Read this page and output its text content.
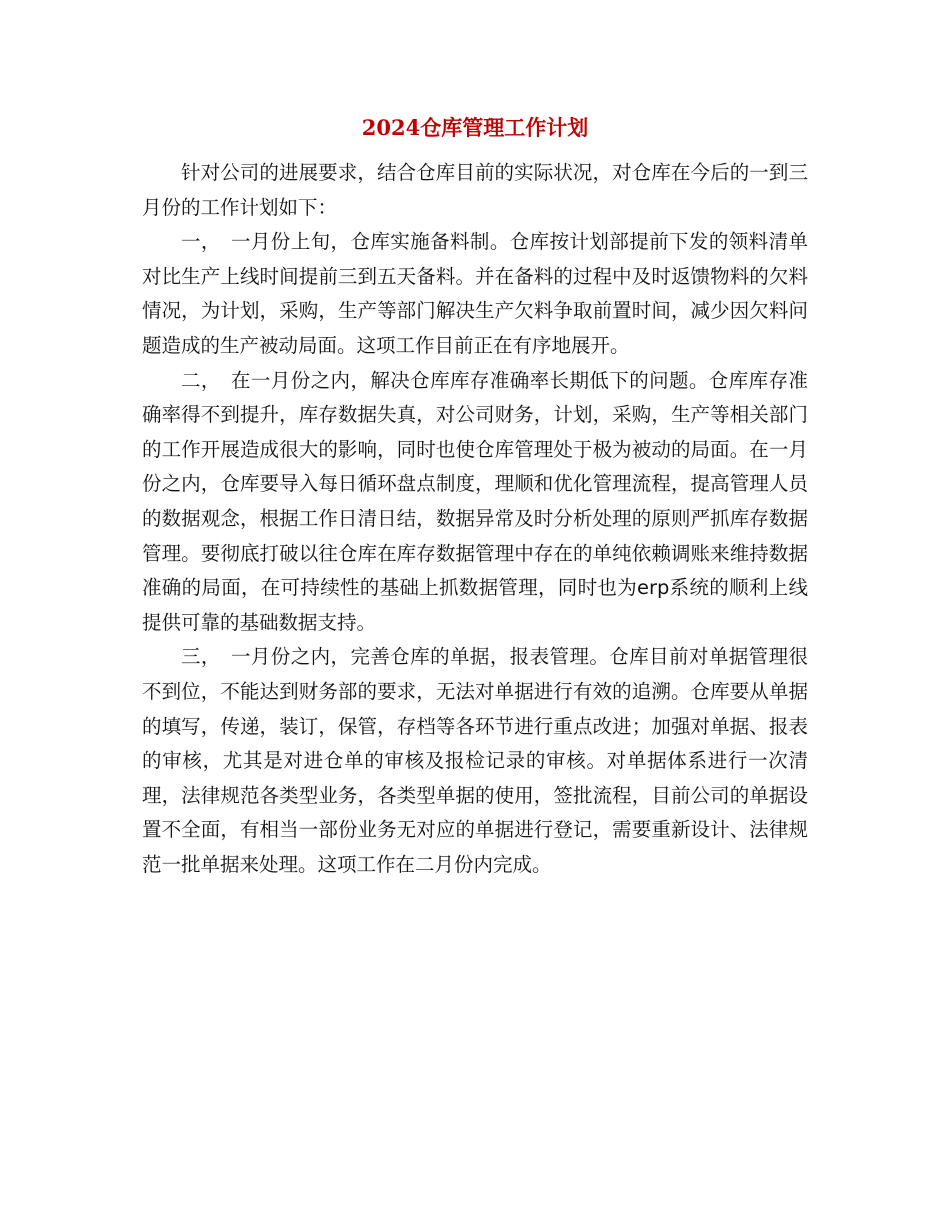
2024仓库管理工作计划

针对公司的进展要求，结合仓库目前的实际状况，对仓库在今后的一到三月份的工作计划如下：

一，　一月份上旬，仓库实施备料制。仓库按计划部提前下发的领料清单对比生产上线时间提前三到五天备料。并在备料的过程中及时返馈物料的欠料情况，为计划，采购，生产等部门解决生产欠料争取前置时间，减少因欠料问题造成的生产被动局面。这项工作目前正在有序地展开。

二，　在一月份之内，解决仓库库存准确率长期低下的问题。仓库库存准确率得不到提升，库存数据失真，对公司财务，计划，采购，生产等相关部门的工作开展造成很大的影响，同时也使仓库管理处于极为被动的局面。在一月份之内，仓库要导入每日循环盘点制度，理顺和优化管理流程，提高管理人员的数据观念，根据工作日清日结，数据异常及时分析处理的原则严抓库存数据管理。要彻底打破以往仓库在库存数据管理中存在的单纯依赖调账来维持数据准确的局面，在可持续性的基础上抓数据管理，同时也为erp系统的顺利上线提供可靠的基础数据支持。

三，　一月份之内，完善仓库的单据，报表管理。仓库目前对单据管理很不到位，不能达到财务部的要求，无法对单据进行有效的追溯。仓库要从单据的填写，传递，装订，保管，存档等各环节进行重点改进；加强对单据、报表的审核，尤其是对进仓单的审核及报检记录的审核。对单据体系进行一次清理，法律规范各类型业务，各类型单据的使用，签批流程，目前公司的单据设置不全面，有相当一部份业务无对应的单据进行登记，需要重新设计、法律规范一批单据来处理。这项工作在二月份内完成。
